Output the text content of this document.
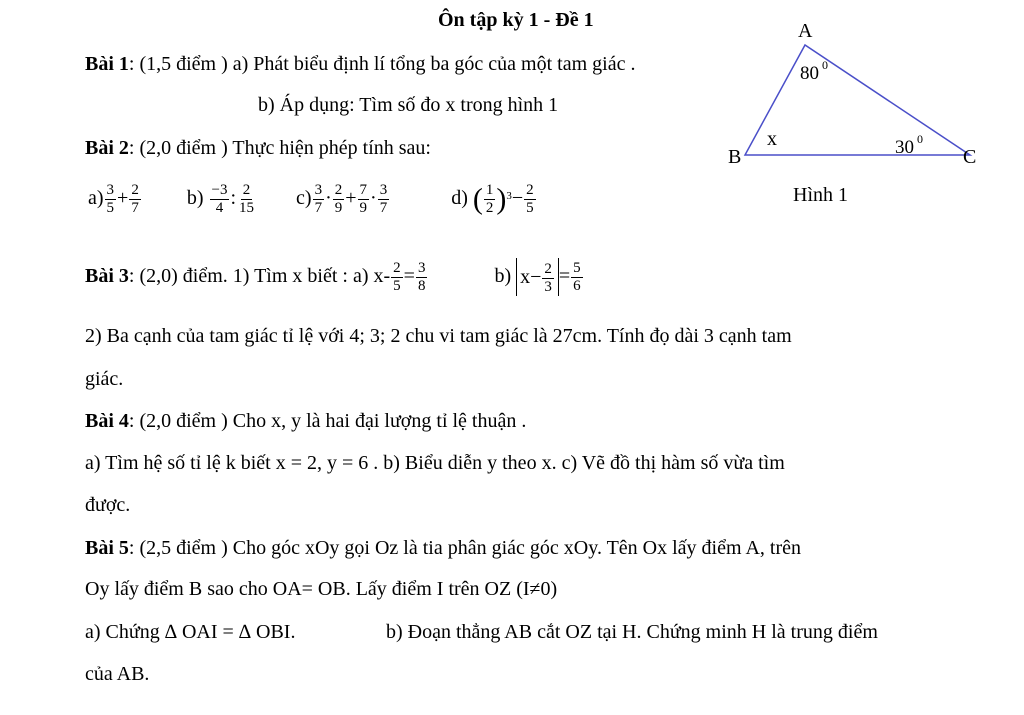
Ôn tập kỳ 1 - Đề 1	A
B	C
80 0
x	30 0
Hình 1
Bài 1: (1,5 điểm ) a) Phát biểu định lí tổng ba góc của một tam giác .
b) Áp dụng: Tìm số đo x trong hình 1
Bài 2: (2,0 điểm ) Thực hiện phép tính sau:
$a) \frac{3}{5} + \frac{2}{7} b) \frac{-3}{4}$ : $\frac{2}{15} c) \frac{3}{7} \cdot \frac{2}{9} + \frac{7}{9} \cdot \frac{3}{7}$	d) ( $\frac{1}{2} )^3- \frac{2}{5}$
Bài 3: (2,0) điểm. 1) Tìm x biết : a) $x- \frac{2}{5} = \frac{3}{8}$	b) $x- \frac{2}{3} = \frac{5}{6}$
2) Ba cạnh của tam giác tỉ lệ với 4; 3; 2 chu vi tam giác là 27cm. Tính đọ dài 3 cạnh tam
giác.
Bài 4: (2,0 điểm ) Cho x, y là hai đại lượng tỉ lệ thuận .
a) Tìm hệ số tỉ lệ k biết x = 2, y = 6 . b) Biểu diễn y theo x. c) Vẽ đồ thị hàm số vừa tìm
được.
Bài 5: (2,5 điểm ) Cho góc xOy gọi Oz là tia phân giác góc xOy. Tên Ox lấy điểm A, trên
Oy lấy điểm B sao cho OA= OB. Lấy điểm I trên OZ (I≠0)
a) Chứng ∆ OAI = ∆ OBI.	b) Đoạn thẳng AB cắt OZ tại H. Chứng minh H là trung điểm
của AB.
